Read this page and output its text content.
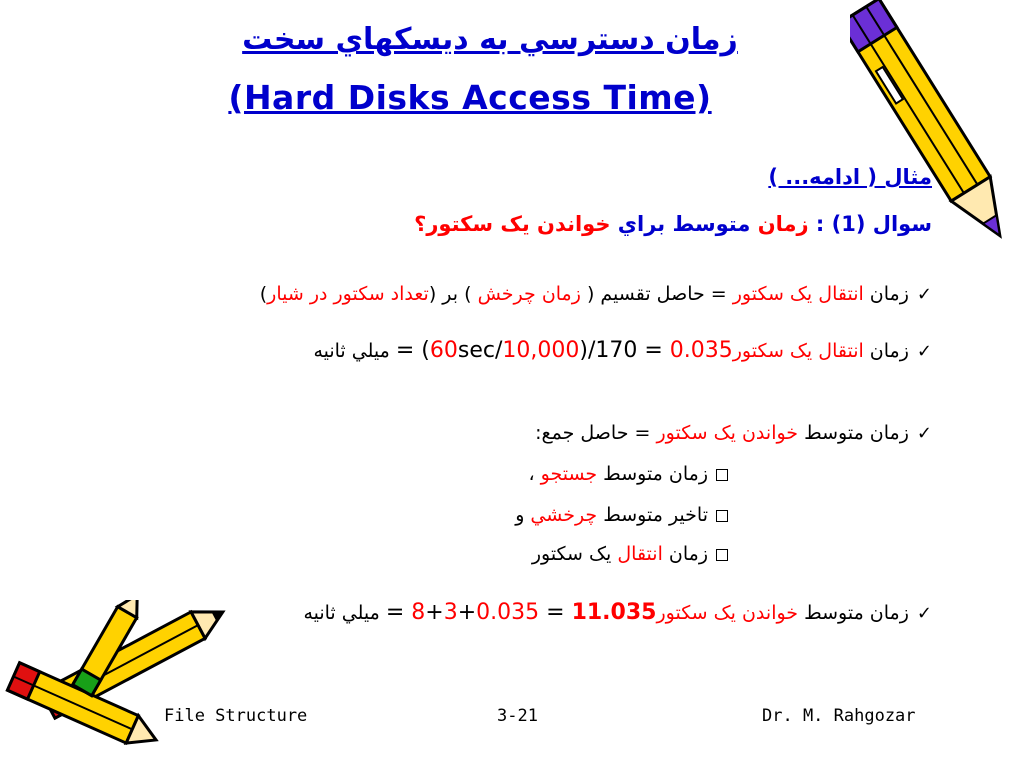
زمان دسترسي به ديسکهاي سخت
(Hard Disks Access Time)
مثال ( ادامه... )
سوال (1) : زمان متوسط براي خواندن يک سکتور؟
✓زمان انتقال يک سکتور = حاصل تقسيم ( زمان چرخش ) بر (تعداد سکتور در شيار)
✓زمان انتقال يک سکتور= (60sec/10,000)/170 = 0.035 ميلي ثانيه
✓زمان متوسط خواندن يک سکتور = حاصل جمع:
زمان متوسط جستجو ،
تاخير متوسط چرخشي و
زمان انتقال يک سکتور
✓زمان متوسط خواندن يک سکتور= 8+3+0.035 = 11.035 ميلي ثانيه
File Structure	3-21	Dr. M. Rahgozar
